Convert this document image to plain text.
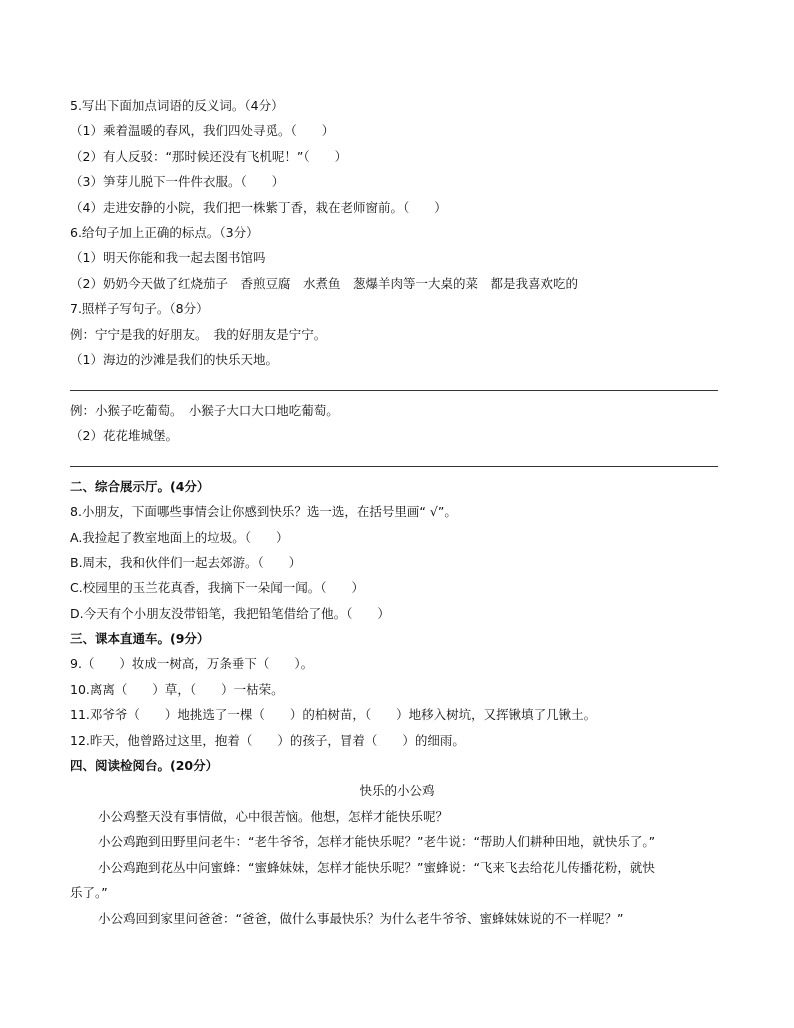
5.写出下面加点词语的反义词。（4分）
（1）乘着温暖的春风，我们四处寻觅。（　　）
（2）有人反驳：“那时候还没有飞机呢！”（　　）
（3）笋芽儿脱下一件件衣服。（　　）
（4）走进安静的小院，我们把一株紫丁香，栽在老师窗前。（　　）
6.给句子加上正确的标点。（3分）
（1）明天你能和我一起去图书馆吗
（2）奶奶今天做了红烧茄子　香煎豆腐　水煮鱼　葱爆羊肉等一大桌的菜　都是我喜欢吃的
7.照样子写句子。（8分）
例：宁宁是我的好朋友。　我的好朋友是宁宁。
（1）海边的沙滩是我们的快乐天地。
例：小猴子吃葡萄。　小猴子大口大口地吃葡萄。
（2）花花堆城堡。
二、综合展示厅。(4分）
8.小朋友，下面哪些事情会让你感到快乐？选一选，在括号里画“ √”。
A.我捡起了教室地面上的垃圾。（　　）
B.周末，我和伙伴们一起去郊游。（　　）
C.校园里的玉兰花真香，我摘下一朵闻一闻。（　　）
D.今天有个小朋友没带铅笔，我把铅笔借给了他。（　　）
三、课本直通车。(9分）
9.（　　）妆成一树高，万条垂下（　　）。
10.离离（　　）草，（　　）一枯荣。
11.邓爷爷（　　）地挑选了一棵（　　）的柏树苗，（　　）地移入树坑，又挥锹填了几锹土。
12.昨天，他曾路过这里，抱着（　　）的孩子，冒着（　　）的细雨。
四、阅读检阅台。(20分）
快乐的小公鸡
小公鸡整天没有事情做，心中很苦恼。他想，怎样才能快乐呢？
小公鸡跑到田野里问老牛：“老牛爷爷，怎样才能快乐呢？”老牛说：“帮助人们耕种田地，就快乐了。”
小公鸡跑到花丛中问蜜蜂：“蜜蜂妹妹，怎样才能快乐呢？”蜜蜂说：“飞来飞去给花儿传播花粉，就快
乐了。”
小公鸡回到家里问爸爸：“爸爸，做什么事最快乐？为什么老牛爷爷、蜜蜂妹妹说的不一样呢？”
